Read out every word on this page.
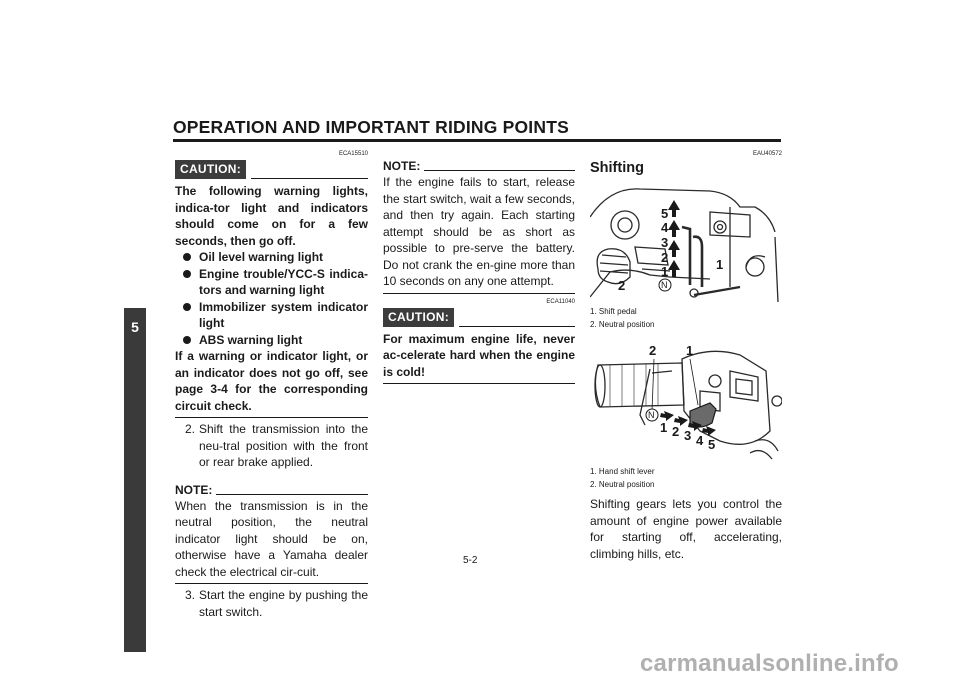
OPERATION AND IMPORTANT RIDING POINTS
5
ECA15510
CAUTION:

The following warning lights, indica-tor light and indicators should come on for a few seconds, then go off.

Oil level warning light
Engine trouble/YCC-S indica-tors and warning light
Immobilizer system indicator light
ABS warning light

If a warning or indicator light, or an indicator does not go off, see page 3-4 for the corresponding circuit check.

2. Shift the transmission into the neu-tral position with the front or rear brake applied.
NOTE:

When the transmission is in the neutral position, the neutral indicator light should be on, otherwise have a Yamaha dealer check the electrical cir-cuit.

3. Start the engine by pushing the start switch.
NOTE:

If the engine fails to start, release the start switch, wait a few seconds, and then try again. Each starting attempt should be as short as possible to pre-serve the battery. Do not crank the en-gine more than 10 seconds on any one attempt.

ECA11040
CAUTION:

For maximum engine life, never ac-celerate hard when the engine is cold!

EAU40572
Shifting
N
1
2
3
4
5
1
2
1. Shift pedal
2. Neutral position
N
1 2 3 4 5
1
2
1. Hand shift lever
2. Neutral position

Shifting gears lets you control the amount of engine power available for starting off, accelerating, climbing hills, etc.

5-2
carmanualsonline.info
